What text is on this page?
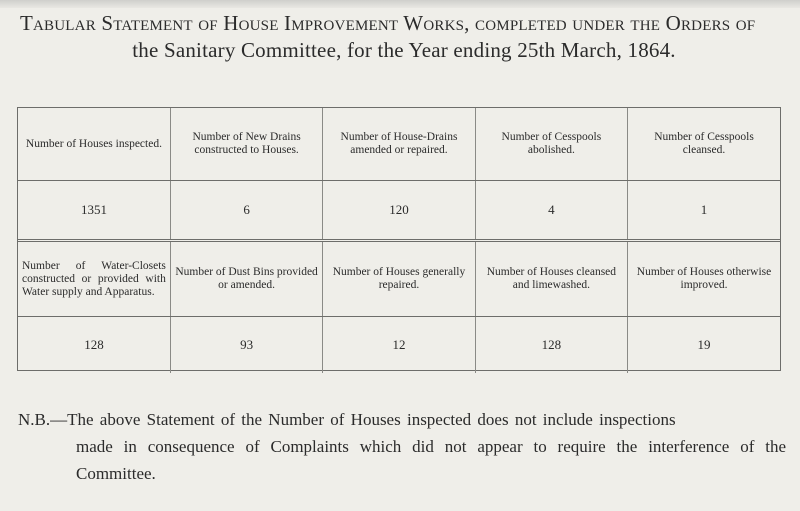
Tabular Statement of House Improvement Works, completed under the Orders of
the Sanitary Committee, for the Year ending 25th March, 1864.
Number of Houses inspected.	Number of New Drains constructed to Houses.	Number of House-Drains amended or repaired.	Number of Cesspools abolished.	Number of Cesspools cleansed.
1351	6	120	4	1
Number of Water-Closets constructed or provided with Water supply and Apparatus.	Number of Dust Bins provided or amended.	Number of Houses generally repaired.	Number of Houses cleansed and limewashed.	Number of Houses otherwise improved.
128	93	12	128	19
N.B.—The above Statement of the Number of Houses inspected does not include inspections
made in consequence of Complaints which did not appear to require the interference of the Committee.
